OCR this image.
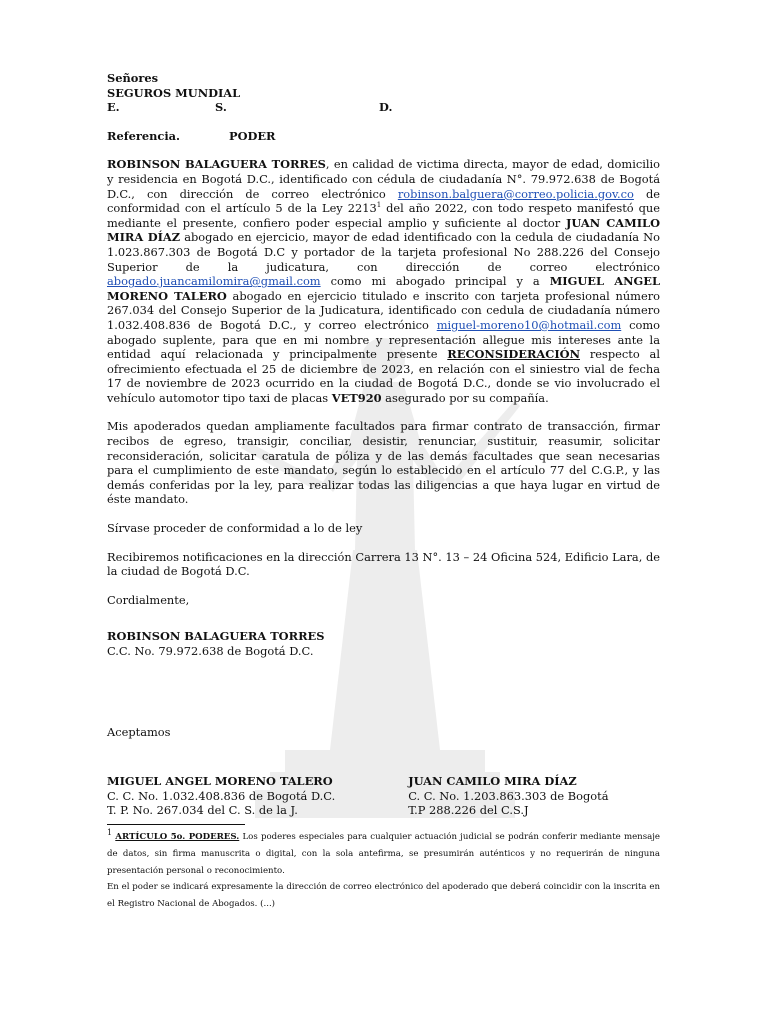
Señores

SEGUROS MUNDIAL

E.	S.	D.
Referencia.	PODER

ROBINSON BALAGUERA TORRES, en calidad de victima directa, mayor de edad, domicilio y residencia en Bogotá D.C., identificado con cédula de ciudadanía N°. 79.972.638 de Bogotá D.C., con dirección de correo electrónico robinson.balguera@correo.policia.gov.co de conformidad con el artículo 5 de la Ley 2213$^1$ del año 2022, con todo respeto manifestó que mediante el presente, confiero poder especial amplio y suficiente al doctor JUAN CAMILO MIRA DÍAZ abogado en ejercicio, mayor de edad identificado con la cedula de ciudadanía No 1.023.867.303 de Bogotá D.C y portador de la tarjeta profesional No 288.226 del Consejo Superior de la judicatura, con dirección de correo electrónico abogado.juancamilomira@gmail.com como mi abogado principal y a MIGUEL ANGEL MORENO TALERO abogado en ejercicio titulado e inscrito con tarjeta profesional número 267.034 del Consejo Superior de la Judicatura, identificado con cedula de ciudadanía número 1.032.408.836 de Bogotá D.C., y correo electrónico miguel-moreno10@hotmail.com como abogado suplente, para que en mi nombre y representación allegue mis intereses ante la entidad aquí relacionada y principalmente presente RECONSIDERACIÓN respecto al ofrecimiento efectuada el 25 de diciembre de 2023, en relación con el siniestro vial de fecha 17 de noviembre de 2023 ocurrido en la ciudad de Bogotá D.C., donde se vio involucrado el vehículo automotor tipo taxi de placas VET920 asegurado por su compañía.

Mis apoderados quedan ampliamente facultados para firmar contrato de transacción, firmar recibos de egreso, transigir, conciliar, desistir, renunciar, sustituir, reasumir, solicitar reconsideración, solicitar caratula de póliza y de las demás facultades que sean necesarias para el cumplimiento de este mandato, según lo establecido en el artículo 77 del C.G.P., y las demás conferidas por la ley, para realizar todas las diligencias a que haya lugar en virtud de éste mandato.

Sírvase proceder de conformidad a lo de ley

Recibiremos notificaciones en la dirección Carrera 13 N°. 13 – 24 Oficina 524, Edificio Lara, de la ciudad de Bogotá D.C.

Cordialmente,

ROBINSON BALAGUERA TORRES

C.C. No. 79.972.638 de Bogotá D.C.

Aceptamos

MIGUEL ANGEL MORENO TALERO

C. C. No. 1.032.408.836 de Bogotá D.C.

T. P. No. 267.034 del C. S. de la J.

JUAN CAMILO MIRA DÍAZ

C. C. No. 1.203.863.303 de Bogotá

T.P 288.226 del C.S.J

$^1$ ARTÍCULO 5o. PODERES. Los poderes especiales para cualquier actuación judicial se podrán conferir mediante mensaje de datos, sin firma manuscrita o digital, con la sola antefirma, se presumirán auténticos y no requerirán de ninguna presentación personal o reconocimiento.

En el poder se indicará expresamente la dirección de correo electrónico del apoderado que deberá coincidir con la inscrita en el Registro Nacional de Abogados. (...)
